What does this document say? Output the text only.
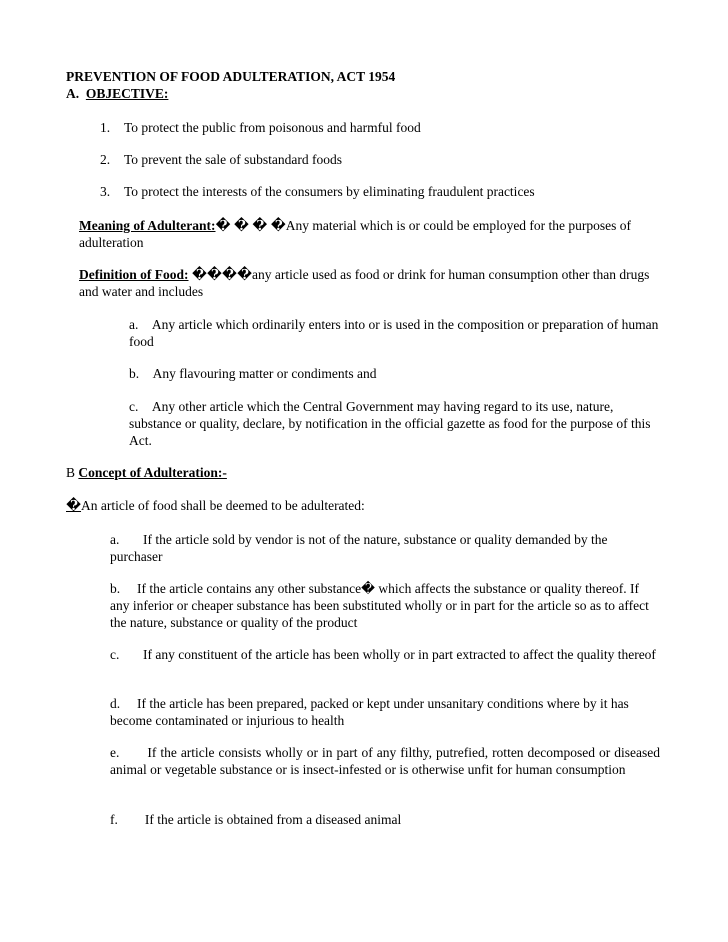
PREVENTION OF FOOD ADULTERATION, ACT 1954
A. OBJECTIVE:
1. To protect the public from poisonous and harmful food
2. To prevent the sale of substandard foods
3. To protect the interests of the consumers by eliminating fraudulent practices
Meaning of Adulterant:� � � �Any material which is or could be employed for the purposes of adulteration
Definition of Food: ����any article used as food or drink for human consumption other than drugs and water and includes
a. Any article which ordinarily enters into or is used in the composition or preparation of human food
b. Any flavouring matter or condiments and
c. Any other article which the Central Government may having regard to its use, nature, substance or quality, declare, by notification in the official gazette as food for the purpose of this Act.
B Concept of Adulteration:-
�An article of food shall be deemed to be adulterated:
a. If the article sold by vendor is not of the nature, substance or quality demanded by the purchaser
b. If the article contains any other substance� which affects the substance or quality thereof. If any inferior or cheaper substance has been substituted wholly or in part for the article so as to affect the nature, substance or quality of the product
c. If any constituent of the article has been wholly or in part extracted to affect the quality thereof
d. If the article has been prepared, packed or kept under unsanitary conditions where by it has become contaminated or injurious to health
e. If the article consists wholly or in part of any filthy, putrefied, rotten decomposed or diseased animal or vegetable substance or is insect-infested or is otherwise unfit for human consumption
f. If the article is obtained from a diseased animal
